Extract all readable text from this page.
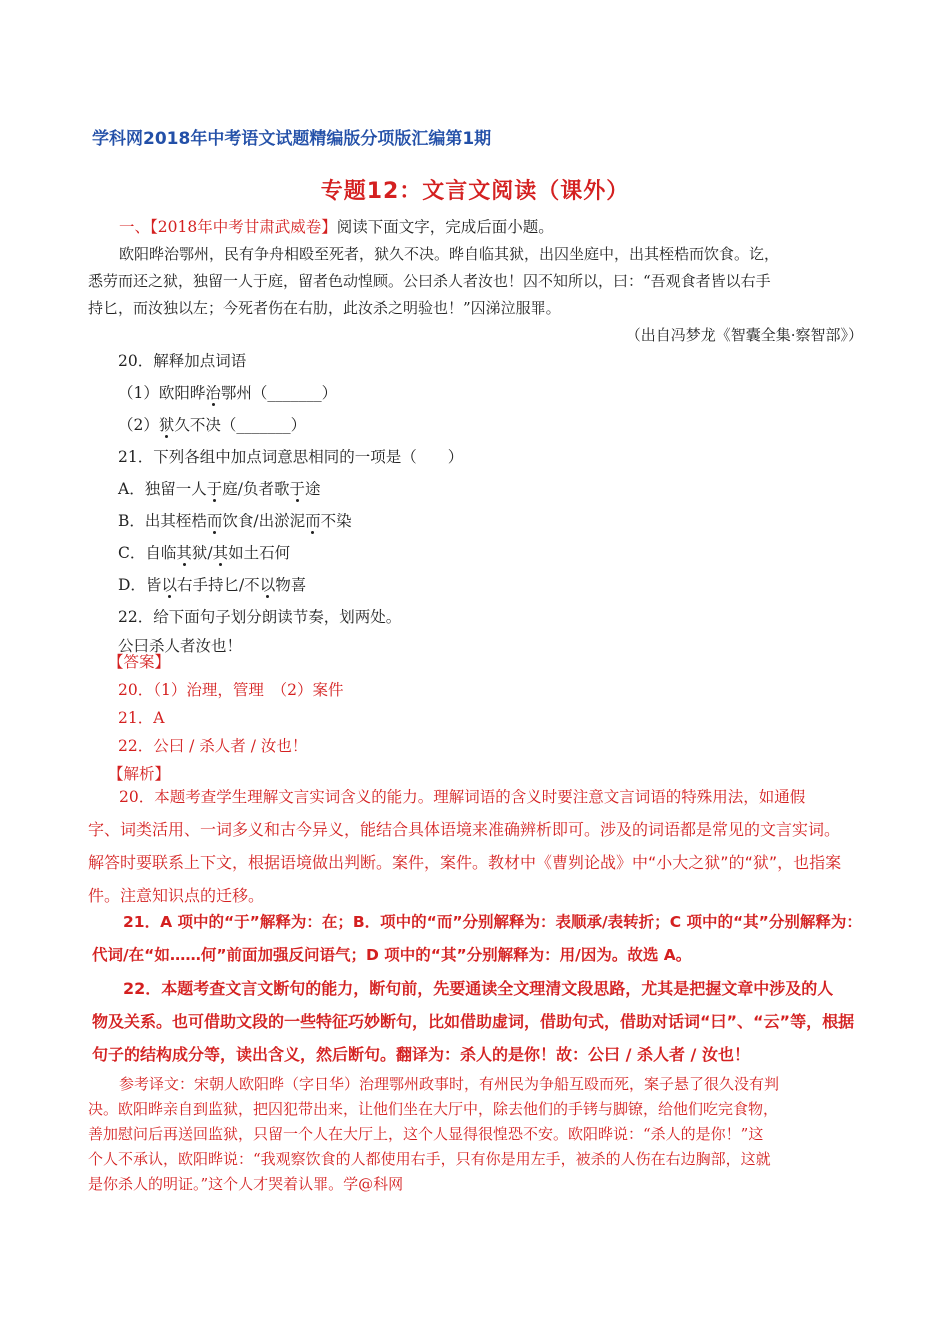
学科网2018年中考语文试题精编版分项版汇编第1期
专题12：文言文阅读（课外）
一、【2018年中考甘肃武威卷】阅读下面文字，完成后面小题。
欧阳晔治鄂州，民有争舟相殴至死者，狱久不决。晔自临其狱，出囚坐庭中，出其桎梏而饮食。讫，
悉劳而还之狱，独留一人于庭，留者色动惶顾。公曰杀人者汝也！囚不知所以，曰：“吾观食者皆以右手
持匕，而汝独以左；今死者伤在右肋，此汝杀之明验也！”囚涕泣服罪。
（出自冯梦龙《智囊全集·察智部》）
20．解释加点词语
（1）欧阳晔治鄂州（_______）
（2）狱久不决（_______）
21．下列各组中加点词意思相同的一项是（　　）
A．独留一人于庭/负者歌于途
B．出其桎梏而饮食/出淤泥而不染
C．自临其狱/其如土石何
D．皆以右手持匕/不以物喜
22．给下面句子划分朗读节奏，划两处。
公曰杀人者汝也！
【答案】
20．（1）治理，管理　（2）案件
21．A
22．公曰 / 杀人者 / 汝也！
【解析】
20．本题考查学生理解文言实词含义的能力。理解词语的含义时要注意文言词语的特殊用法，如通假
字、词类活用、一词多义和古今异义，能结合具体语境来准确辨析即可。涉及的词语都是常见的文言实词。
解答时要联系上下文，根据语境做出判断。案件，案件。教材中《曹刿论战》中“小大之狱”的“狱”，也指案
件。注意知识点的迁移。
21．A 项中的“于”解释为：在；B．项中的“而”分别解释为：表顺承/表转折；C 项中的“其”分别解释为：
代词/在“如……何”前面加强反问语气；D 项中的“其”分别解释为：用/因为。故选 A。
22．本题考查文言文断句的能力，断句前，先要通读全文理清文段思路，尤其是把握文章中涉及的人
物及关系。也可借助文段的一些特征巧妙断句，比如借助虚词，借助句式，借助对话词“曰”、“云”等，根据
句子的结构成分等，读出含义，然后断句。翻译为：杀人的是你！故：公曰 / 杀人者 / 汝也！
参考译文：宋朝人欧阳晔（字日华）治理鄂州政事时，有州民为争船互殴而死，案子悬了很久没有判
决。欧阳晔亲自到监狱，把囚犯带出来，让他们坐在大厅中，除去他们的手铐与脚镣，给他们吃完食物，
善加慰问后再送回监狱，只留一个人在大厅上，这个人显得很惶恐不安。欧阳晔说：“杀人的是你！”这
个人不承认，欧阳晔说：“我观察饮食的人都使用右手，只有你是用左手，被杀的人伤在右边胸部，这就
是你杀人的明证。”这个人才哭着认罪。学@科网
